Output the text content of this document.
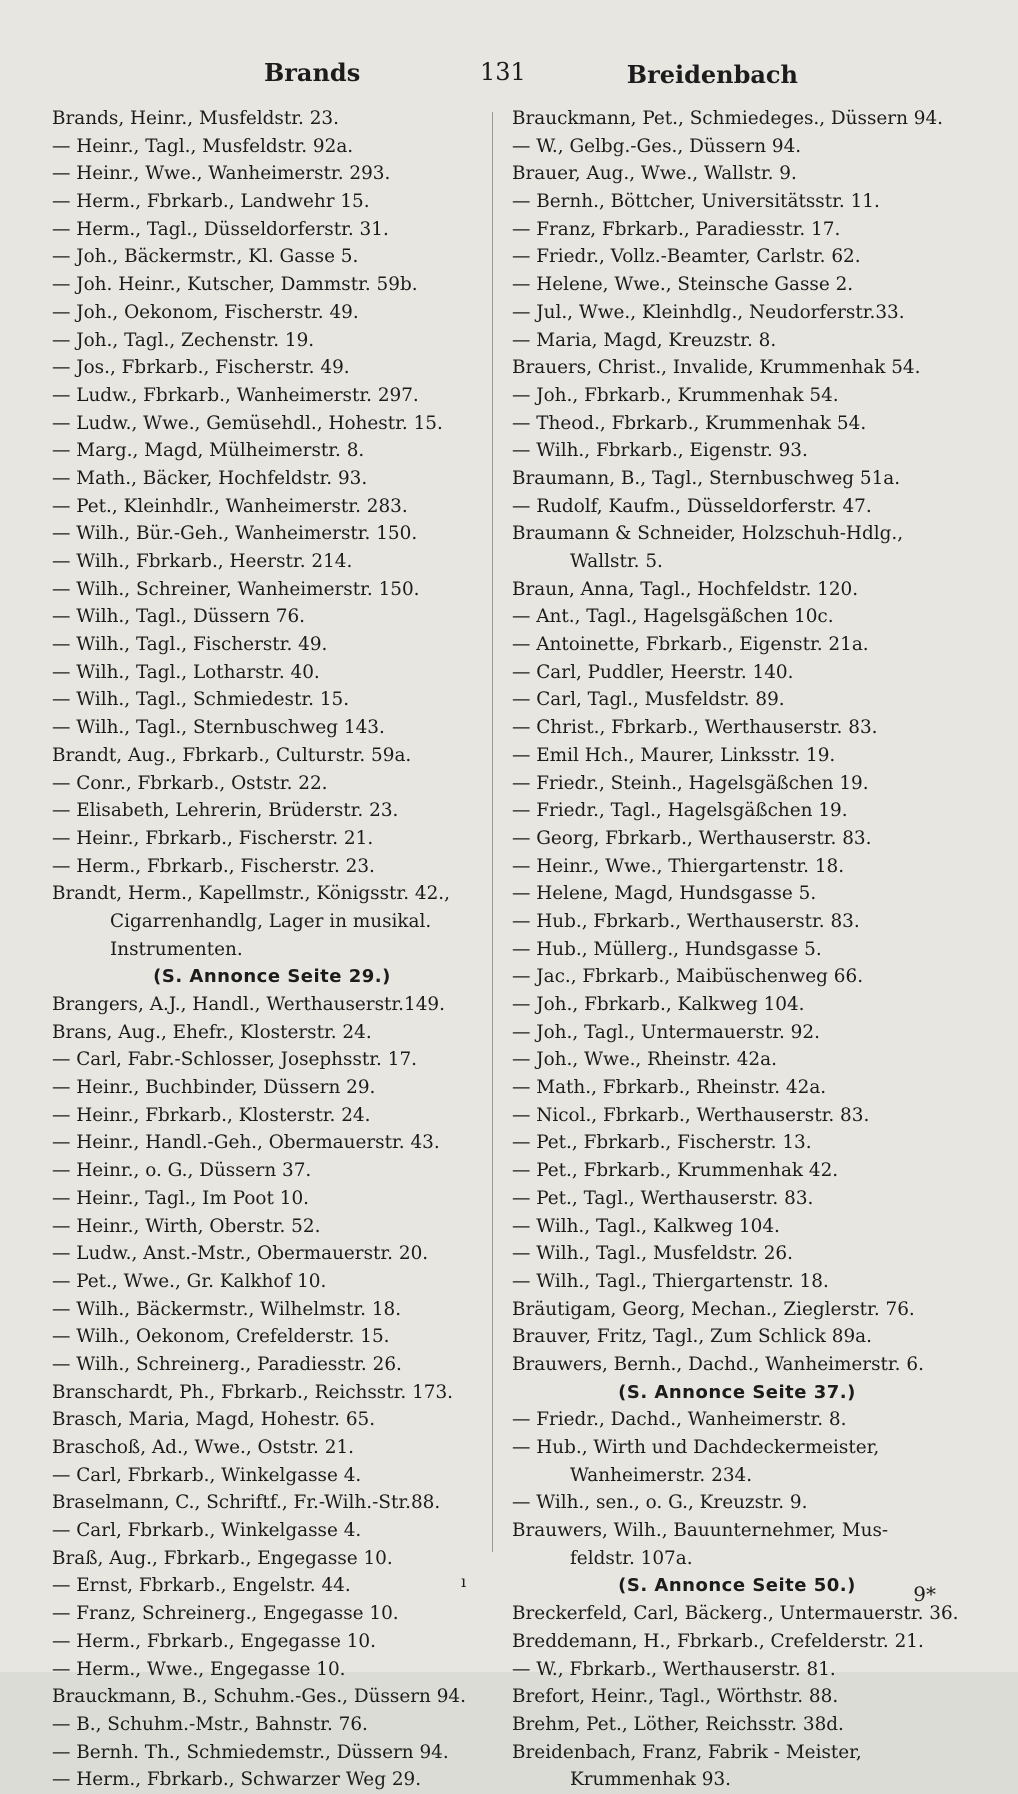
Brands	131	Breidenbach
Brands, Heinr., Musfeldstr. 23.
— Heinr., Tagl., Musfeldstr. 92a.
— Heinr., Wwe., Wanheimerstr. 293.
— Herm., Fbrkarb., Landwehr 15.
— Herm., Tagl., Düsseldorferstr. 31.
— Joh., Bäckermstr., Kl. Gasse 5.
— Joh. Heinr., Kutscher, Dammstr. 59b.
— Joh., Oekonom, Fischerstr. 49.
— Joh., Tagl., Zechenstr. 19.
— Jos., Fbrkarb., Fischerstr. 49.
— Ludw., Fbrkarb., Wanheimerstr. 297.
— Ludw., Wwe., Gemüsehdl., Hohestr. 15.
— Marg., Magd, Mülheimerstr. 8.
— Math., Bäcker, Hochfeldstr. 93.
— Pet., Kleinhdlr., Wanheimerstr. 283.
— Wilh., Bür.-Geh., Wanheimerstr. 150.
— Wilh., Fbrkarb., Heerstr. 214.
— Wilh., Schreiner, Wanheimerstr. 150.
— Wilh., Tagl., Düssern 76.
— Wilh., Tagl., Fischerstr. 49.
— Wilh., Tagl., Lotharstr. 40.
— Wilh., Tagl., Schmiedestr. 15.
— Wilh., Tagl., Sternbuschweg 143.
Brandt, Aug., Fbrkarb., Culturstr. 59a.
— Conr., Fbrkarb., Oststr. 22.
— Elisabeth, Lehrerin, Brüderstr. 23.
— Heinr., Fbrkarb., Fischerstr. 21.
— Herm., Fbrkarb., Fischerstr. 23.
Brandt, Herm., Kapellmstr., Königsstr. 42.,
Cigarrenhandlg, Lager in musikal.
Instrumenten.
(S. Annonce Seite 29.)
Brangers, A.J., Handl., Werthauserstr.149.
Brans, Aug., Ehefr., Klosterstr. 24.
— Carl, Fabr.-Schlosser, Josephsstr. 17.
— Heinr., Buchbinder, Düssern 29.
— Heinr., Fbrkarb., Klosterstr. 24.
— Heinr., Handl.-Geh., Obermauerstr. 43.
— Heinr., o. G., Düssern 37.
— Heinr., Tagl., Im Poot 10.
— Heinr., Wirth, Oberstr. 52.
— Ludw., Anst.-Mstr., Obermauerstr. 20.
— Pet., Wwe., Gr. Kalkhof 10.
— Wilh., Bäckermstr., Wilhelmstr. 18.
— Wilh., Oekonom, Crefelderstr. 15.
— Wilh., Schreinerg., Paradiesstr. 26.
Branschardt, Ph., Fbrkarb., Reichsstr. 173.
Brasch, Maria, Magd, Hohestr. 65.
Braschoß, Ad., Wwe., Oststr. 21.
— Carl, Fbrkarb., Winkelgasse 4.
Braselmann, C., Schriftf., Fr.-Wilh.-Str.88.
— Carl, Fbrkarb., Winkelgasse 4.
Braß, Aug., Fbrkarb., Engegasse 10.
— Ernst, Fbrkarb., Engelstr. 44.
— Franz, Schreinerg., Engegasse 10.
— Herm., Fbrkarb., Engegasse 10.
— Herm., Wwe., Engegasse 10.
Brauckmann, B., Schuhm.-Ges., Düssern 94.
— B., Schuhm.-Mstr., Bahnstr. 76.
— Bernh. Th., Schmiedemstr., Düssern 94.
— Herm., Fbrkarb., Schwarzer Weg 29.
Brauckmann, Pet., Schmiedeges., Düssern 94.
— W., Gelbg.-Ges., Düssern 94.
Brauer, Aug., Wwe., Wallstr. 9.
— Bernh., Böttcher, Universitätsstr. 11.
— Franz, Fbrkarb., Paradiesstr. 17.
— Friedr., Vollz.-Beamter, Carlstr. 62.
— Helene, Wwe., Steinsche Gasse 2.
— Jul., Wwe., Kleinhdlg., Neudorferstr.33.
— Maria, Magd, Kreuzstr. 8.
Brauers, Christ., Invalide, Krummenhak 54.
— Joh., Fbrkarb., Krummenhak 54.
— Theod., Fbrkarb., Krummenhak 54.
— Wilh., Fbrkarb., Eigenstr. 93.
Braumann, B., Tagl., Sternbuschweg 51a.
— Rudolf, Kaufm., Düsseldorferstr. 47.
Braumann & Schneider, Holzschuh-Hdlg.,
Wallstr. 5.
Braun, Anna, Tagl., Hochfeldstr. 120.
— Ant., Tagl., Hagelsgäßchen 10c.
— Antoinette, Fbrkarb., Eigenstr. 21a.
— Carl, Puddler, Heerstr. 140.
— Carl, Tagl., Musfeldstr. 89.
— Christ., Fbrkarb., Werthauserstr. 83.
— Emil Hch., Maurer, Linksstr. 19.
— Friedr., Steinh., Hagelsgäßchen 19.
— Friedr., Tagl., Hagelsgäßchen 19.
— Georg, Fbrkarb., Werthauserstr. 83.
— Heinr., Wwe., Thiergartenstr. 18.
— Helene, Magd, Hundsgasse 5.
— Hub., Fbrkarb., Werthauserstr. 83.
— Hub., Müllerg., Hundsgasse 5.
— Jac., Fbrkarb., Maibüschenweg 66.
— Joh., Fbrkarb., Kalkweg 104.
— Joh., Tagl., Untermauerstr. 92.
— Joh., Wwe., Rheinstr. 42a.
— Math., Fbrkarb., Rheinstr. 42a.
— Nicol., Fbrkarb., Werthauserstr. 83.
— Pet., Fbrkarb., Fischerstr. 13.
— Pet., Fbrkarb., Krummenhak 42.
— Pet., Tagl., Werthauserstr. 83.
— Wilh., Tagl., Kalkweg 104.
— Wilh., Tagl., Musfeldstr. 26.
— Wilh., Tagl., Thiergartenstr. 18.
Bräutigam, Georg, Mechan., Zieglerstr. 76.
Brauver, Fritz, Tagl., Zum Schlick 89a.
Brauwers, Bernh., Dachd., Wanheimerstr. 6.
(S. Annonce Seite 37.)
— Friedr., Dachd., Wanheimerstr. 8.
— Hub., Wirth und Dachdeckermeister,
Wanheimerstr. 234.
— Wilh., sen., o. G., Kreuzstr. 9.
Brauwers, Wilh., Bauunternehmer, Mus-
feldstr. 107a.
(S. Annonce Seite 50.)
Breckerfeld, Carl, Bäckerg., Untermauerstr. 36.
Breddemann, H., Fbrkarb., Crefelderstr. 21.
— W., Fbrkarb., Werthauserstr. 81.
Brefort, Heinr., Tagl., Wörthstr. 88.
Brehm, Pet., Löther, Reichsstr. 38d.
Breidenbach, Franz, Fabrik - Meister,
Krummenhak 93.
ı
9*
